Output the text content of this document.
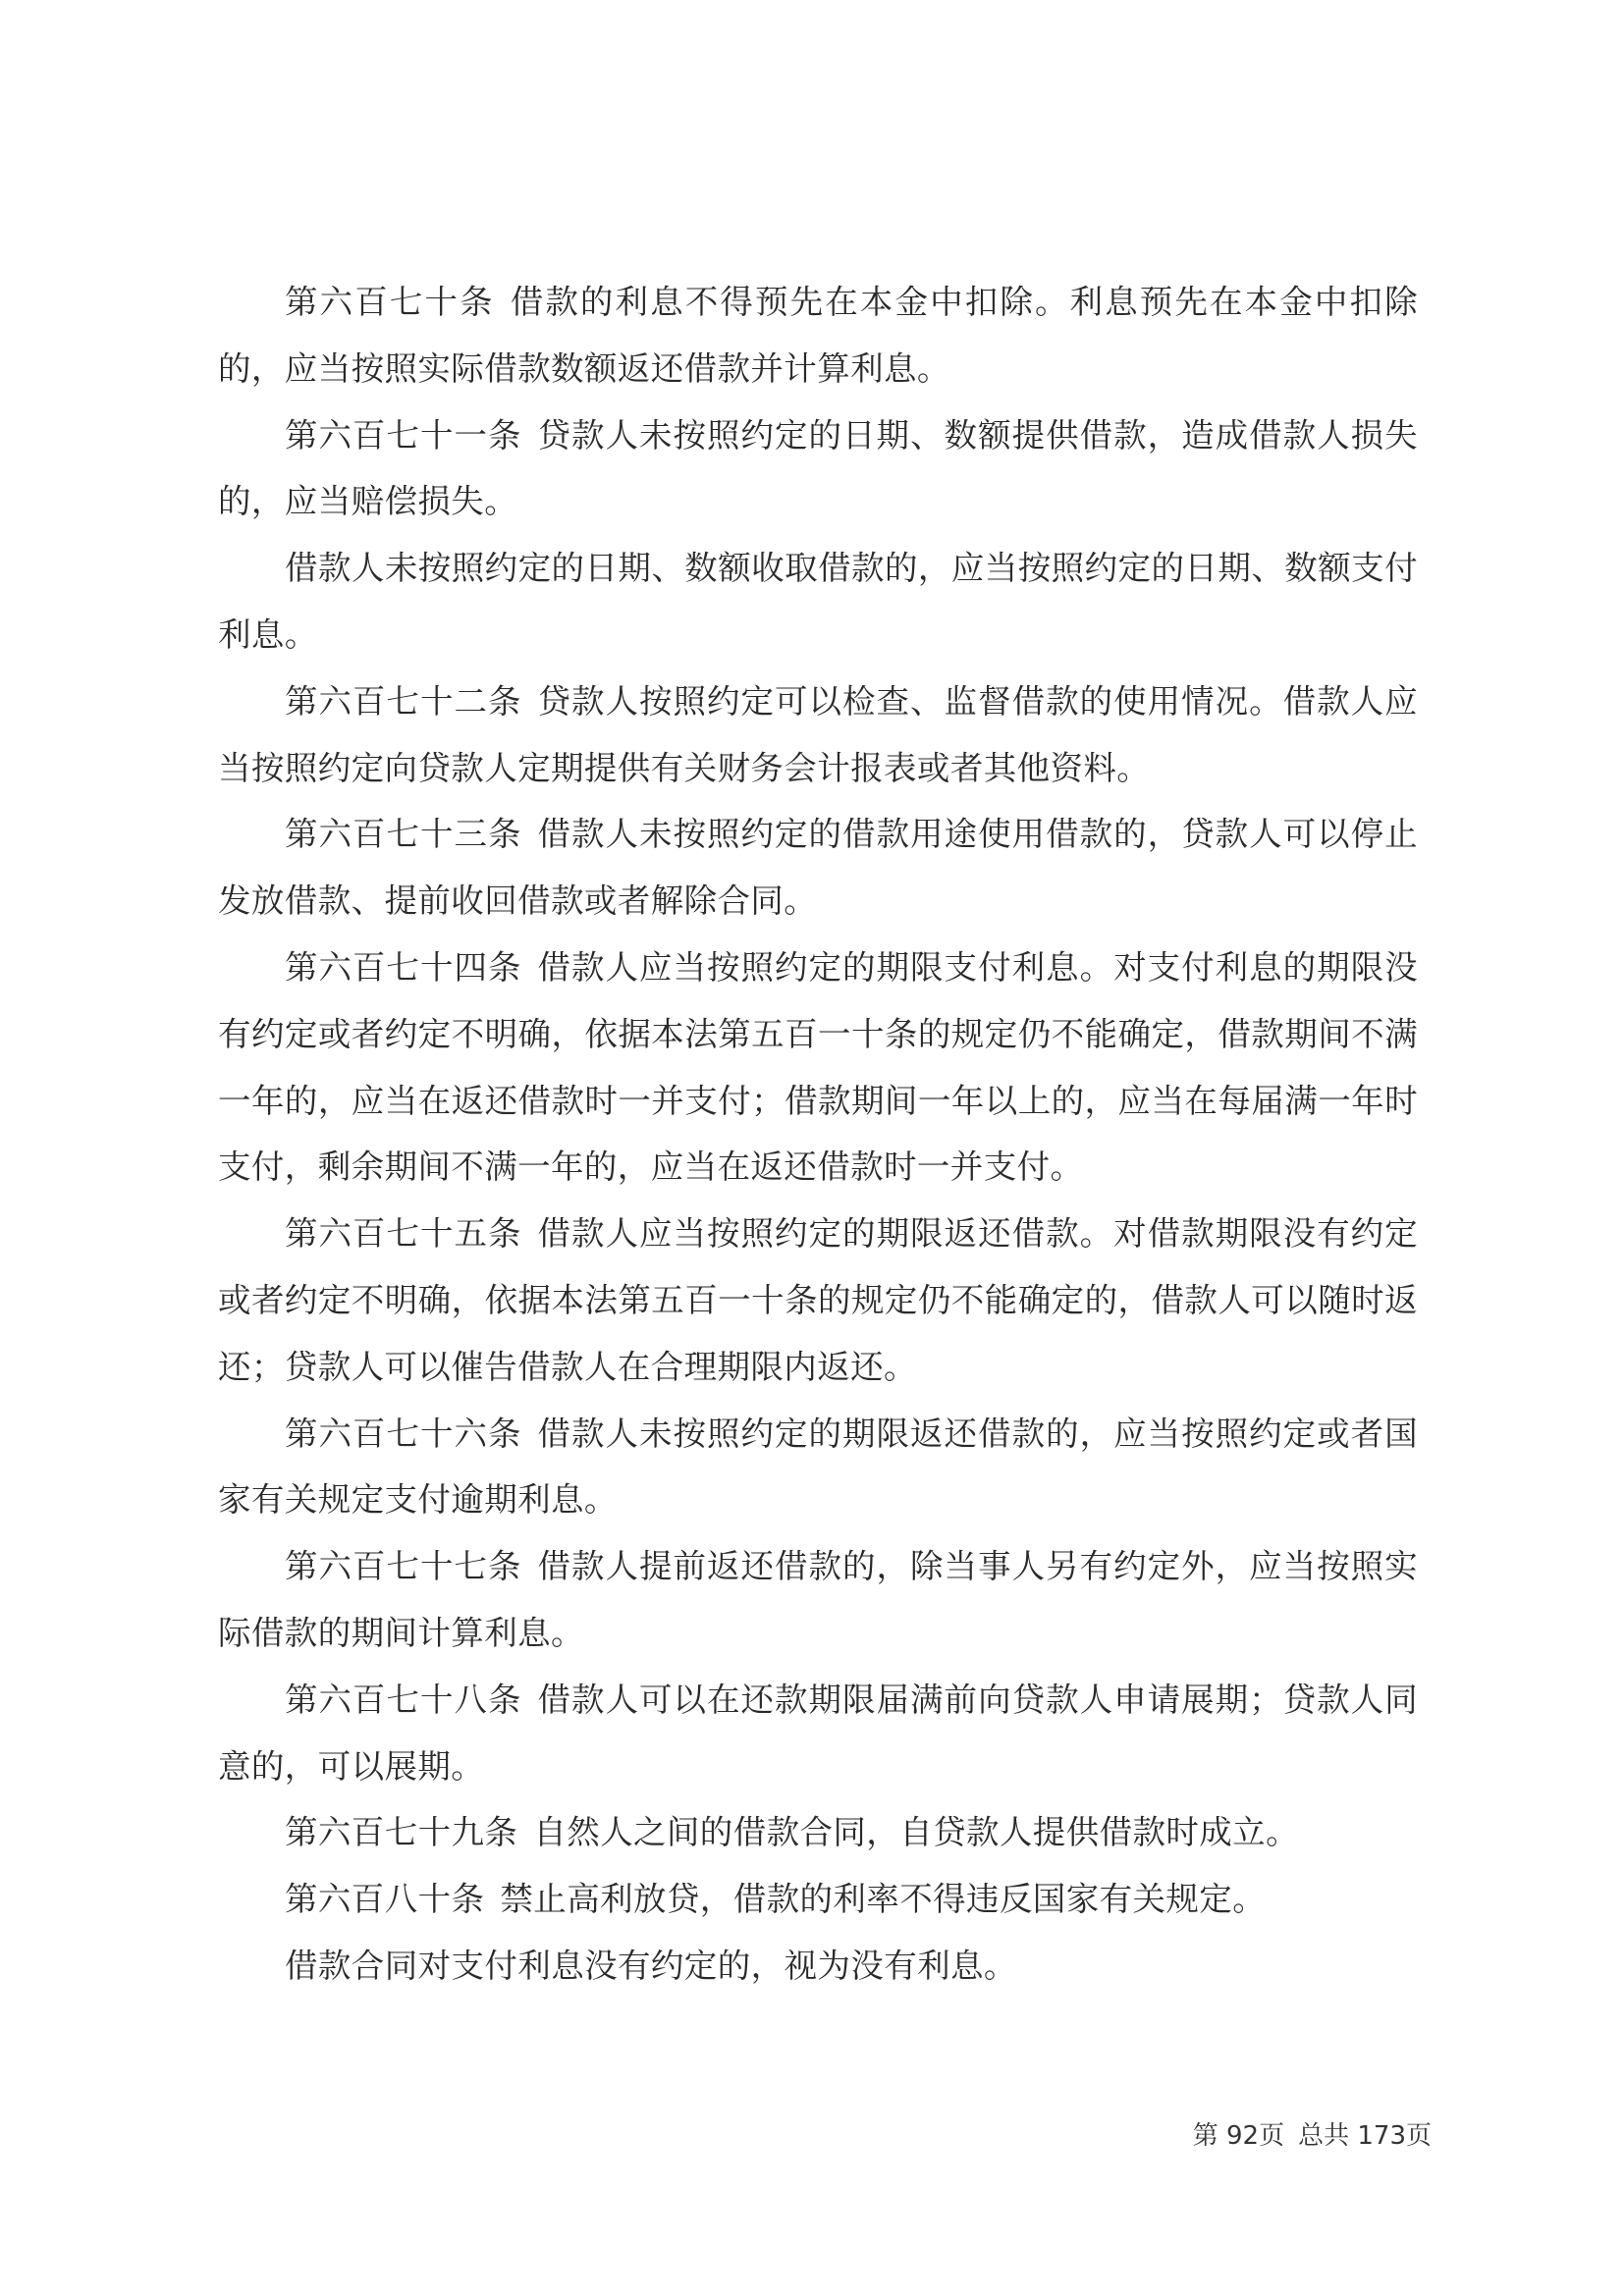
第六百七十条 借款的利息不得预先在本金中扣除。利息预先在本金中扣除的，应当按照实际借款数额返还借款并计算利息。

第六百七十一条 贷款人未按照约定的日期、数额提供借款，造成借款人损失的，应当赔偿损失。

借款人未按照约定的日期、数额收取借款的，应当按照约定的日期、数额支付利息。

第六百七十二条 贷款人按照约定可以检查、监督借款的使用情况。借款人应当按照约定向贷款人定期提供有关财务会计报表或者其他资料。

第六百七十三条 借款人未按照约定的借款用途使用借款的，贷款人可以停止发放借款、提前收回借款或者解除合同。

第六百七十四条 借款人应当按照约定的期限支付利息。对支付利息的期限没有约定或者约定不明确，依据本法第五百一十条的规定仍不能确定，借款期间不满一年的，应当在返还借款时一并支付；借款期间一年以上的，应当在每届满一年时支付，剩余期间不满一年的，应当在返还借款时一并支付。

第六百七十五条 借款人应当按照约定的期限返还借款。对借款期限没有约定或者约定不明确，依据本法第五百一十条的规定仍不能确定的，借款人可以随时返还；贷款人可以催告借款人在合理期限内返还。

第六百七十六条 借款人未按照约定的期限返还借款的，应当按照约定或者国家有关规定支付逾期利息。

第六百七十七条 借款人提前返还借款的，除当事人另有约定外，应当按照实际借款的期间计算利息。

第六百七十八条 借款人可以在还款期限届满前向贷款人申请展期；贷款人同意的，可以展期。

第六百七十九条 自然人之间的借款合同，自贷款人提供借款时成立。

第六百八十条 禁止高利放贷，借款的利率不得违反国家有关规定。

借款合同对支付利息没有约定的，视为没有利息。

第 92页 总共 173页
